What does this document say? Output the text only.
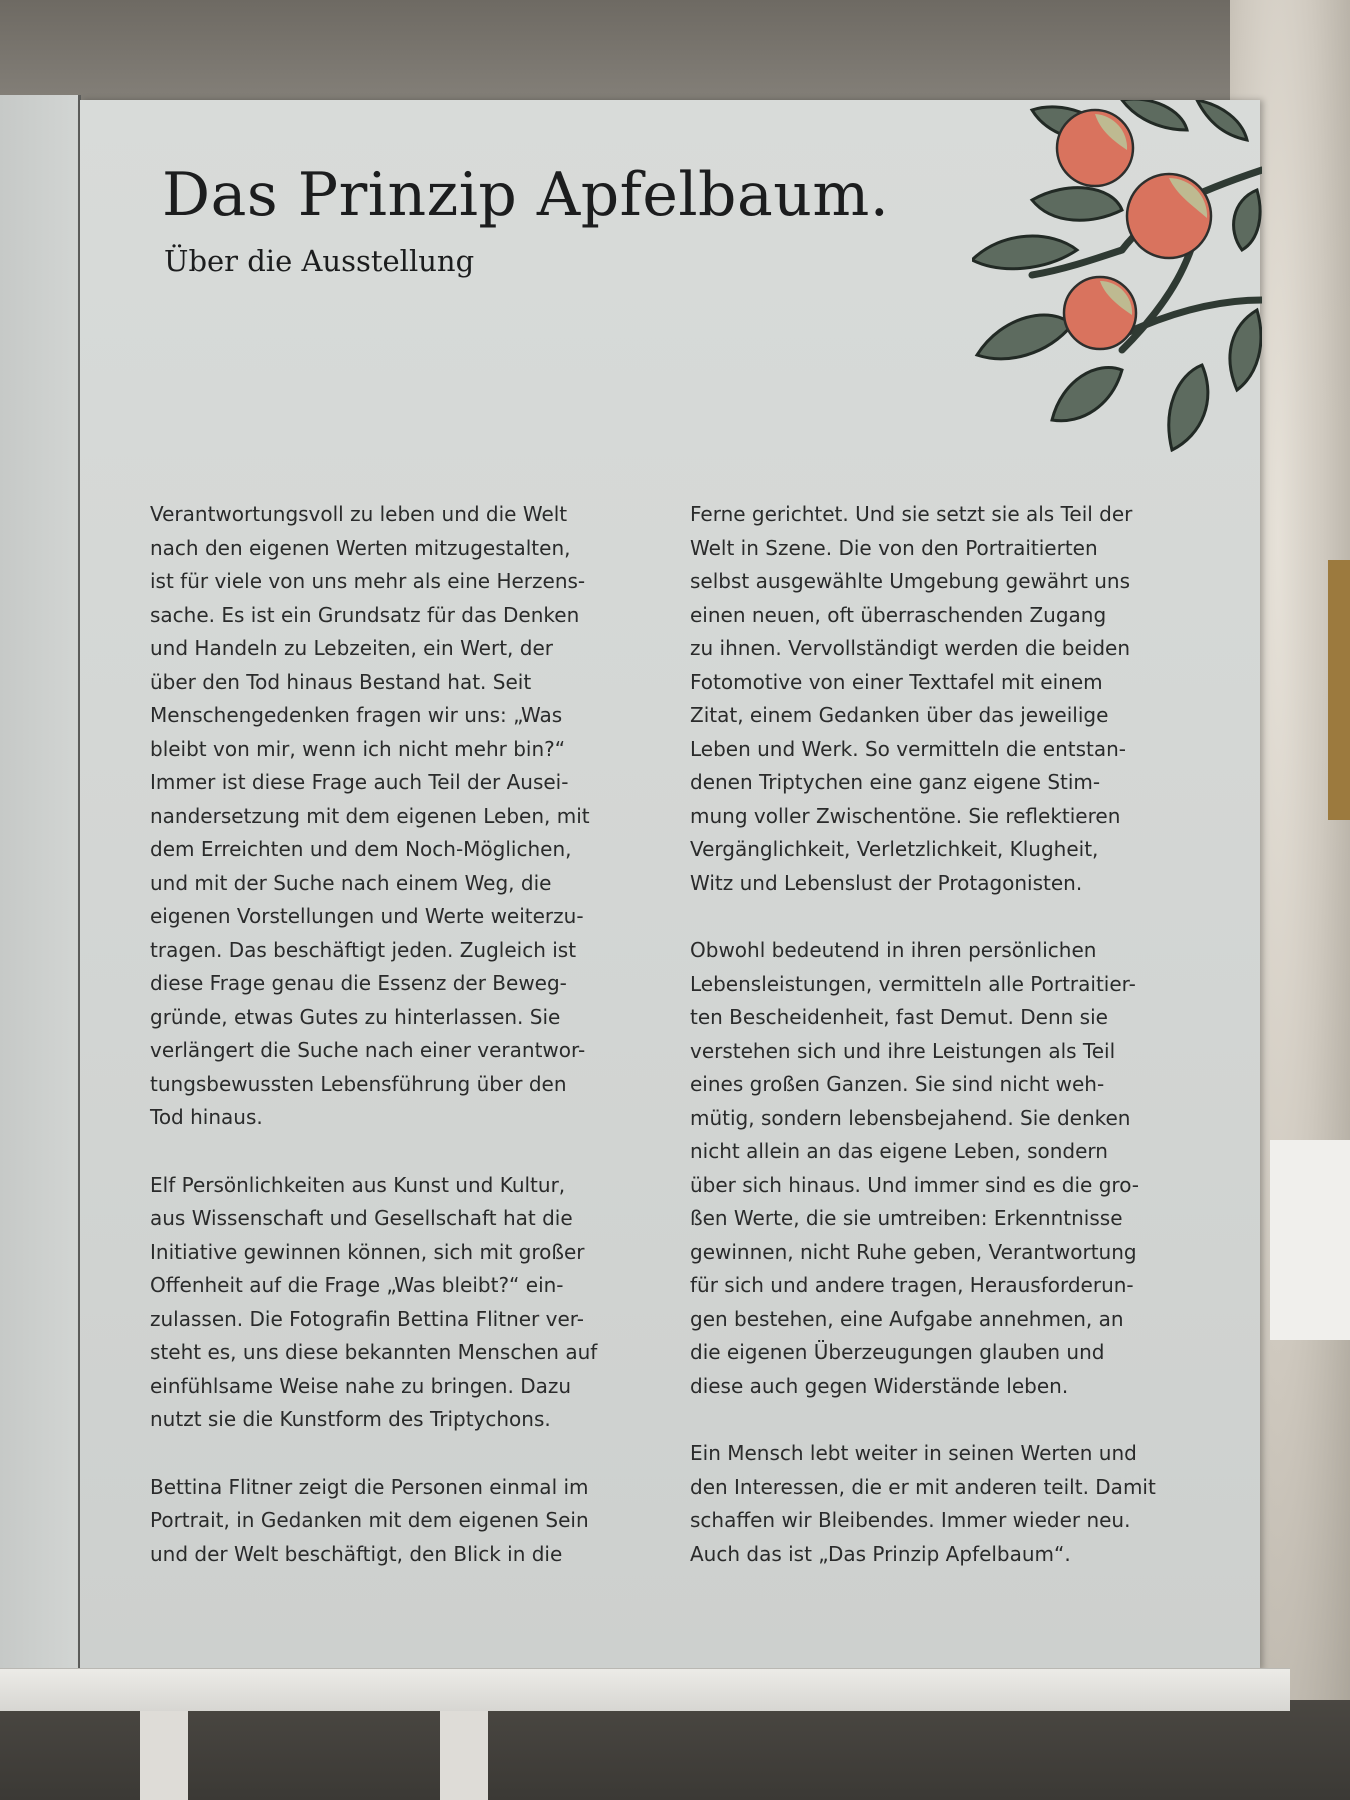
Das Prinzip Apfelbaum.
Über die Ausstellung

Verantwortungsvoll zu leben und die Welt
nach den eigenen Werten mitzugestalten,
ist für viele von uns mehr als eine Herzens-
sache. Es ist ein Grundsatz für das Denken
und Handeln zu Lebzeiten, ein Wert, der
über den Tod hinaus Bestand hat. Seit
Menschengedenken fragen wir uns: „Was
bleibt von mir, wenn ich nicht mehr bin?“
Immer ist diese Frage auch Teil der Ausei-
nandersetzung mit dem eigenen Leben, mit
dem Erreichten und dem Noch-Möglichen,
und mit der Suche nach einem Weg, die
eigenen Vorstellungen und Werte weiterzu-
tragen. Das beschäftigt jeden. Zugleich ist
diese Frage genau die Essenz der Beweg-
gründe, etwas Gutes zu hinterlassen. Sie
verlängert die Suche nach einer verantwor-
tungsbewussten Lebensführung über den
Tod hinaus.

Elf Persönlichkeiten aus Kunst und Kultur,
aus Wissenschaft und Gesellschaft hat die
Initiative gewinnen können, sich mit großer
Offenheit auf die Frage „Was bleibt?“ ein-
zulassen. Die Fotografin Bettina Flitner ver-
steht es, uns diese bekannten Menschen auf
einfühlsame Weise nahe zu bringen. Dazu
nutzt sie die Kunstform des Triptychons.

Bettina Flitner zeigt die Personen einmal im
Portrait, in Gedanken mit dem eigenen Sein
und der Welt beschäftigt, den Blick in die

Ferne gerichtet. Und sie setzt sie als Teil der
Welt in Szene. Die von den Portraitierten
selbst ausgewählte Umgebung gewährt uns
einen neuen, oft überraschenden Zugang
zu ihnen. Vervollständigt werden die beiden
Fotomotive von einer Texttafel mit einem
Zitat, einem Gedanken über das jeweilige
Leben und Werk. So vermitteln die entstan-
denen Triptychen eine ganz eigene Stim-
mung voller Zwischentöne. Sie reflektieren
Vergänglichkeit, Verletzlichkeit, Klugheit,
Witz und Lebenslust der Protagonisten.

Obwohl bedeutend in ihren persönlichen
Lebensleistungen, vermitteln alle Portraitier-
ten Bescheidenheit, fast Demut. Denn sie
verstehen sich und ihre Leistungen als Teil
eines großen Ganzen. Sie sind nicht weh-
mütig, sondern lebensbejahend. Sie denken
nicht allein an das eigene Leben, sondern
über sich hinaus. Und immer sind es die gro-
ßen Werte, die sie umtreiben: Erkenntnisse
gewinnen, nicht Ruhe geben, Verantwortung
für sich und andere tragen, Herausforderun-
gen bestehen, eine Aufgabe annehmen, an
die eigenen Überzeugungen glauben und
diese auch gegen Widerstände leben.

Ein Mensch lebt weiter in seinen Werten und
den Interessen, die er mit anderen teilt. Damit
schaffen wir Bleibendes. Immer wieder neu.
Auch das ist „Das Prinzip Apfelbaum“.
